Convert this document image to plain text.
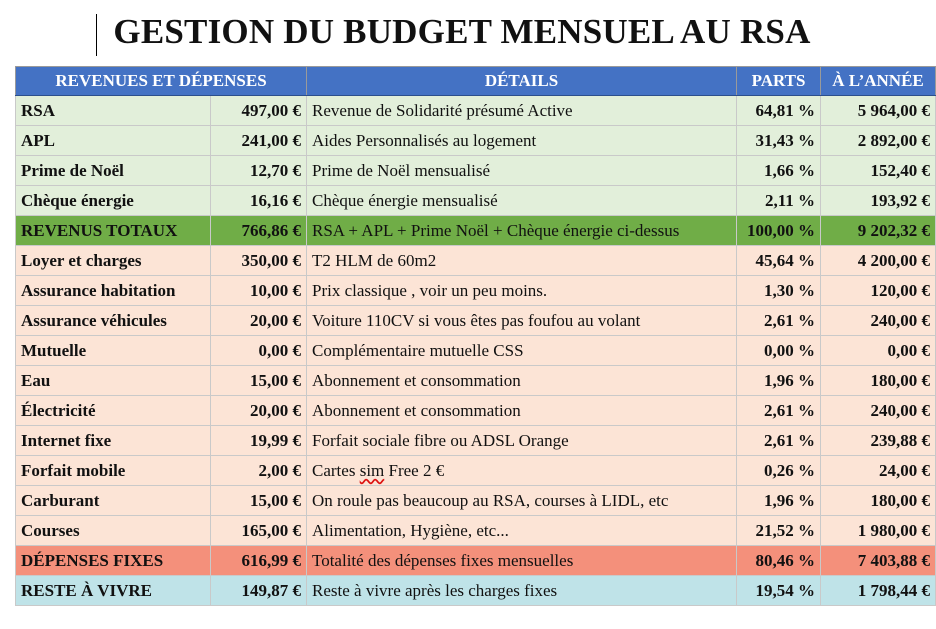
GESTION DU BUDGET MENSUEL AU RSA
REVENUES ET DÉPENSES		DÉTAILS	PARTS	À L’ANNÉE
RSA	497,00 €	Revenue de Solidarité présumé Active	64,81 %	5 964,00 €
APL	241,00 €	Aides Personnalisés au logement	31,43 %	2 892,00 €
Prime de Noël	12,70 €	Prime de Noël mensualisé	1,66 %	152,40 €
Chèque énergie	16,16 €	Chèque énergie mensualisé	2,11 %	193,92 €
REVENUS TOTAUX	766,86 €	RSA + APL + Prime Noël + Chèque énergie ci-dessus	100,00 %	9 202,32 €
Loyer et charges	350,00 €	T2 HLM de 60m2	45,64 %	4 200,00 €
Assurance habitation	10,00 €	Prix classique , voir un peu moins.	1,30 %	120,00 €
Assurance véhicules	20,00 €	Voiture 110CV si vous êtes pas foufou au volant	2,61 %	240,00 €
Mutuelle	0,00 €	Complémentaire mutuelle CSS	0,00 %	0,00 €
Eau	15,00 €	Abonnement et consommation	1,96 %	180,00 €
Électricité	20,00 €	Abonnement et consommation	2,61 %	240,00 €
Internet fixe	19,99 €	Forfait sociale fibre ou ADSL Orange	2,61 %	239,88 €
Forfait mobile	2,00 €	Cartes sim Free 2 €	0,26 %	24,00 €
Carburant	15,00 €	On roule pas beaucoup au RSA, courses à LIDL, etc	1,96 %	180,00 €
Courses	165,00 €	Alimentation, Hygiène, etc...	21,52 %	1 980,00 €
DÉPENSES FIXES	616,99 €	Totalité des dépenses fixes mensuelles	80,46 %	7 403,88 €
RESTE À VIVRE	149,87 €	Reste à vivre après les charges fixes	19,54 %	1 798,44 €
